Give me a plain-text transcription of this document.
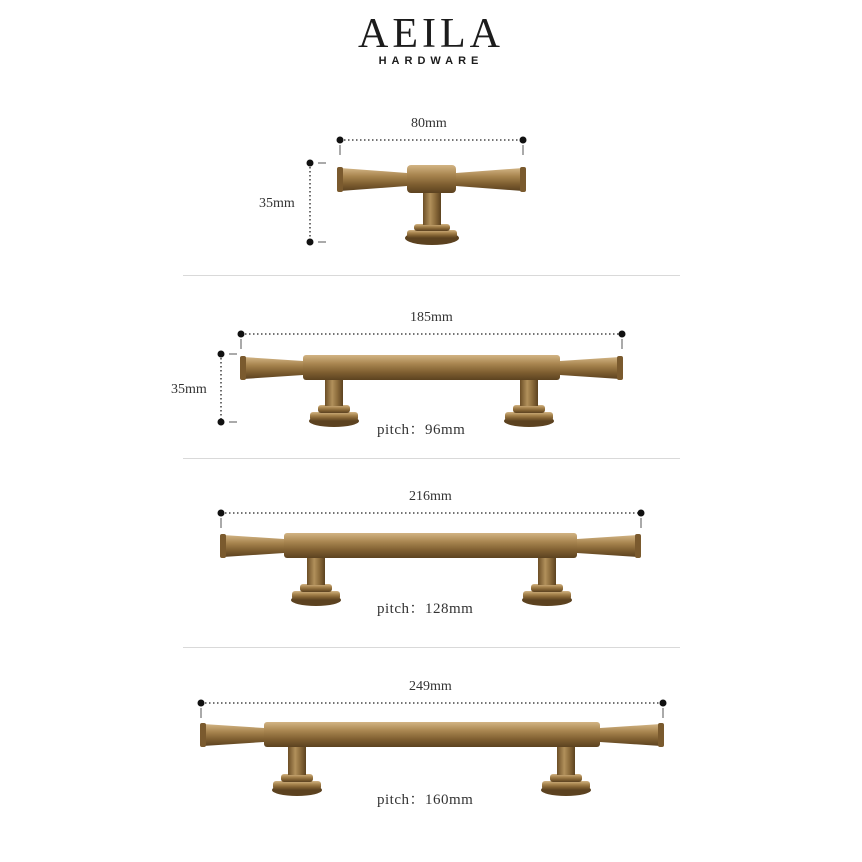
AEILA
HARDWARE
80mm
35mm
185mm
35mm
pitch：96mm
216mm
pitch：128mm
249mm
pitch：160mm
